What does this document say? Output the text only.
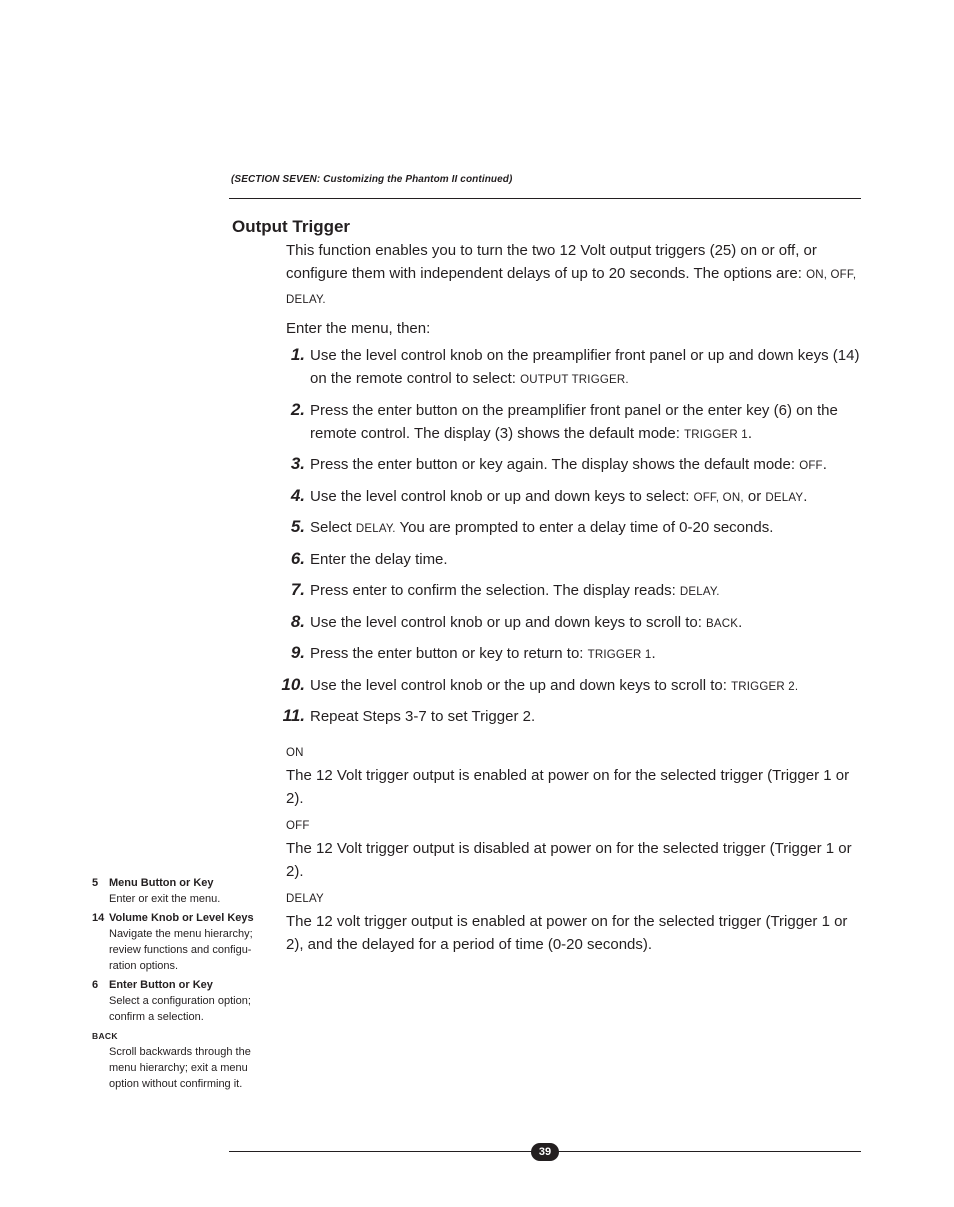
(SECTION SEVEN: Customizing the Phantom II continued)
Output Trigger

This function enables you to turn the two 12 Volt output triggers (25) on or off, or configure them with independent delays of up to 20 seconds. The options are: ON, OFF, DELAY.

Enter the menu, then:

1. Use the level control knob on the preamplifier front panel or up and down keys (14) on the remote control to select: OUTPUT TRIGGER.
2. Press the enter button on the preamplifier front panel or the enter key (6) on the remote control. The display (3) shows the default mode: TRIGGER 1.
3. Press the enter button or key again. The display shows the default mode: OFF.
4. Use the level control knob or up and down keys to select: OFF, ON, or DELAY.
5. Select DELAY. You are prompted to enter a delay time of 0-20 seconds.
6. Enter the delay time.
7. Press enter to confirm the selection. The display reads: DELAY.
8. Use the level control knob or up and down keys to scroll to: BACK.
9. Press the enter button or key to return to: TRIGGER 1.
10. Use the level control knob or the up and down keys to scroll to: TRIGGER 2.
11. Repeat Steps 3-7 to set Trigger 2.
ON

The 12 Volt trigger output is enabled at power on for the selected trigger (Trigger 1 or 2).

OFF

The 12 Volt trigger output is disabled at power on for the selected trigger (Trigger 1 or 2).

DELAY

The 12 volt trigger output is enabled at power on for the selected trigger (Trigger 1 or 2), and the delayed for a period of time (0-20 seconds).

5 Menu Button or Key
Enter or exit the menu.
14 Volume Knob or Level Keys
Navigate the menu hierarchy; review functions and configu-ration options.
6 Enter Button or Key
Select a configuration option; confirm a selection.
BACK
Scroll backwards through the menu hierarchy; exit a menu option without confirming it.
39
